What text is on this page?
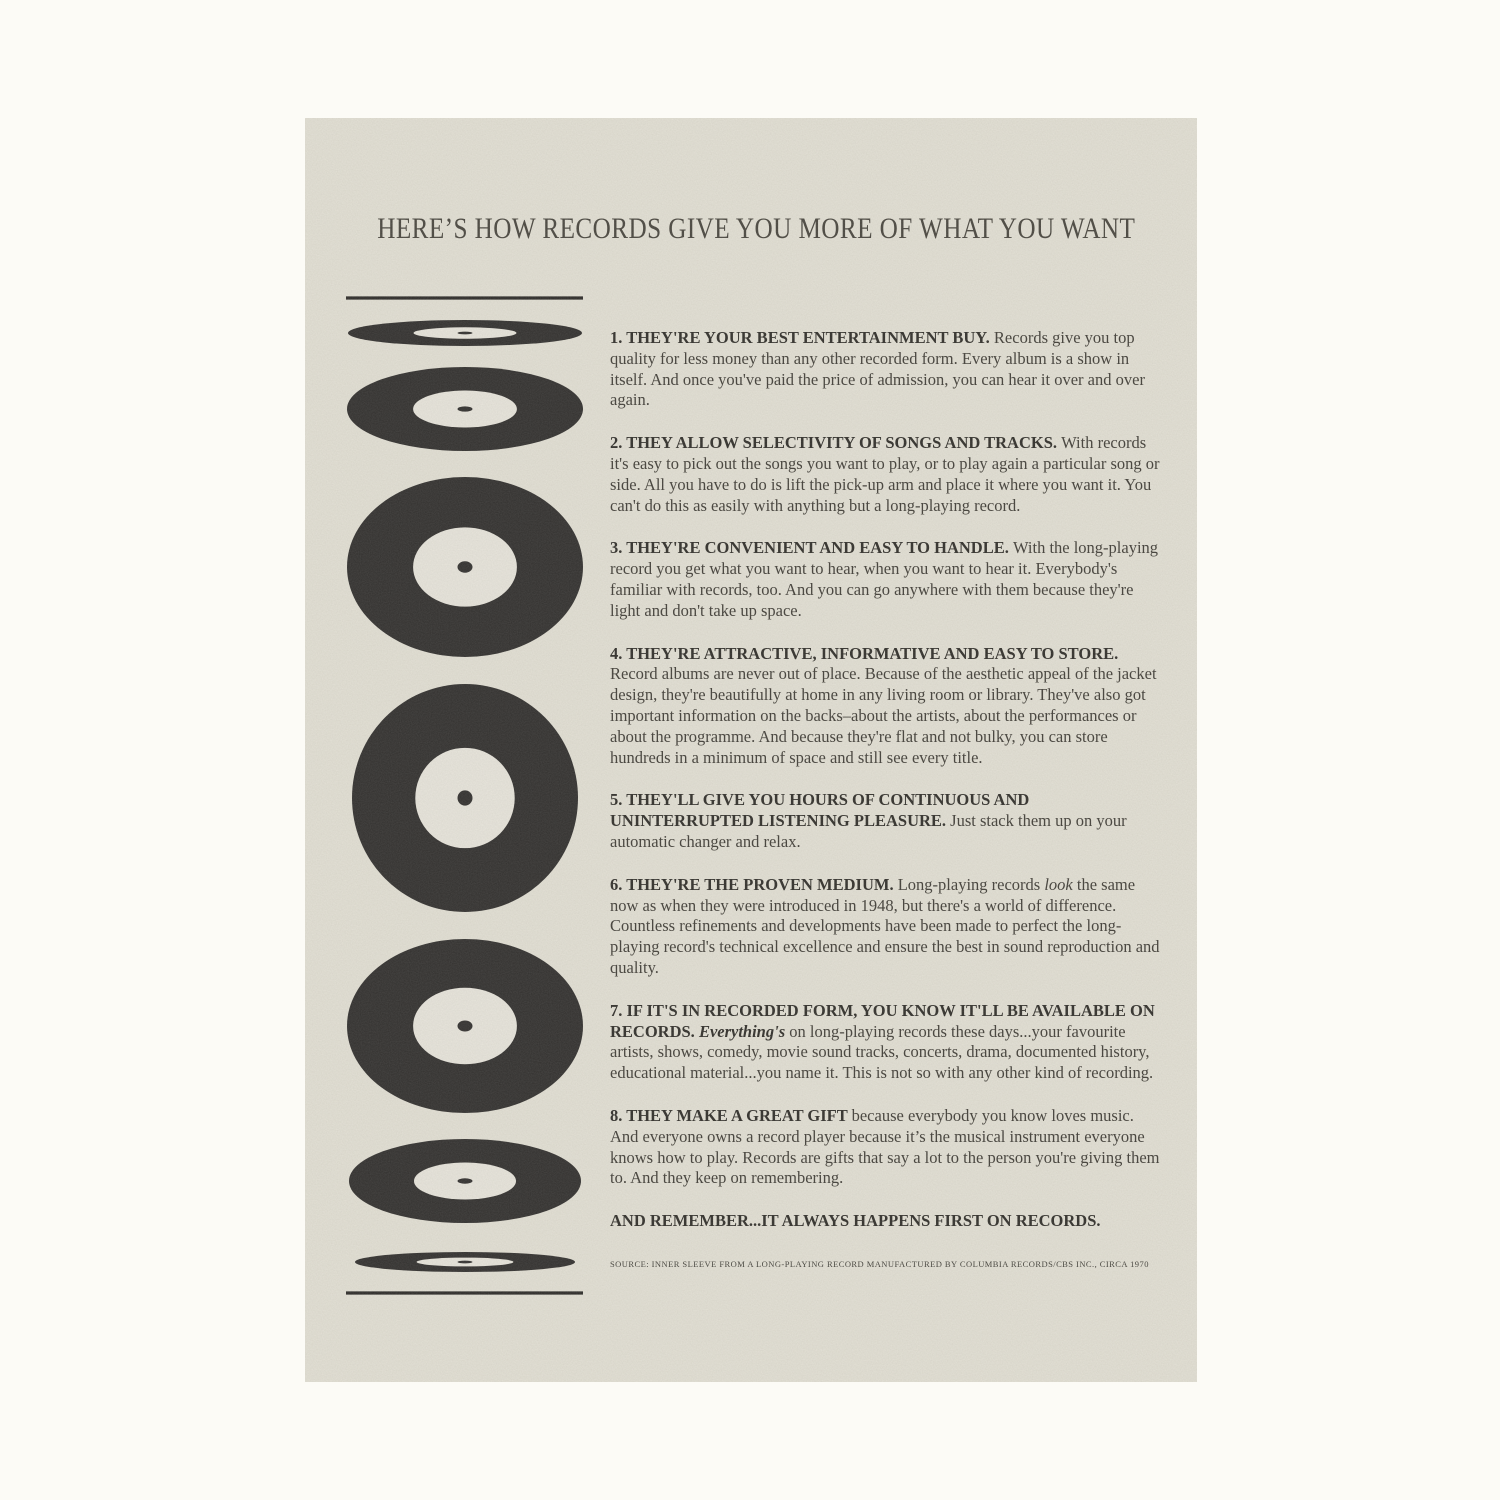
HERE’S HOW RECORDS GIVE YOU MORE OF WHAT YOU WANT

1. THEY'RE YOUR BEST ENTERTAINMENT BUY. Records give you top quality for less money than any other recorded form. Every album is a show in itself. And once you've paid the price of admission, you can hear it over and over again.

2. THEY ALLOW SELECTIVITY OF SONGS AND TRACKS. With records it's easy to pick out the songs you want to play, or to play again a particular song or side. All you have to do is lift the pick-up arm and place it where you want it. You can't do this as easily with anything but a long-playing record.

3. THEY'RE CONVENIENT AND EASY TO HANDLE. With the long-playing record you get what you want to hear, when you want to hear it. Everybody's familiar with records, too. And you can go anywhere with them because they're light and don't take up space.

4. THEY'RE ATTRACTIVE, INFORMATIVE AND EASY TO STORE. Record albums are never out of place. Because of the aesthetic appeal of the jacket design, they're beautifully at home in any living room or library. They've also got important information on the backs–about the artists, about the performances or about the programme. And because they're flat and not bulky, you can store hundreds in a minimum of space and still see every title.

5. THEY'LL GIVE YOU HOURS OF CONTINUOUS AND UNINTERRUPTED LISTENING PLEASURE. Just stack them up on your automatic changer and relax.

6. THEY'RE THE PROVEN MEDIUM. Long-playing records look the same now as when they were introduced in 1948, but there's a world of difference. Countless refinements and developments have been made to perfect the long-playing record's technical excellence and ensure the best in sound reproduction and quality.

7. IF IT'S IN RECORDED FORM, YOU KNOW IT'LL BE AVAILABLE ON RECORDS. Everything's on long-playing records these days...your favourite artists, shows, comedy, movie sound tracks, concerts, drama, documented history, educational material...you name it. This is not so with any other kind of recording.

8. THEY MAKE A GREAT GIFT because everybody you know loves music. And everyone owns a record player because it’s the musical instrument everyone knows how to play. Records are gifts that say a lot to the person you're giving them to. And they keep on remembering.

AND REMEMBER...IT ALWAYS HAPPENS FIRST ON RECORDS.

SOURCE: INNER SLEEVE FROM A LONG-PLAYING RECORD MANUFACTURED BY COLUMBIA RECORDS/CBS INC., CIRCA 1970
